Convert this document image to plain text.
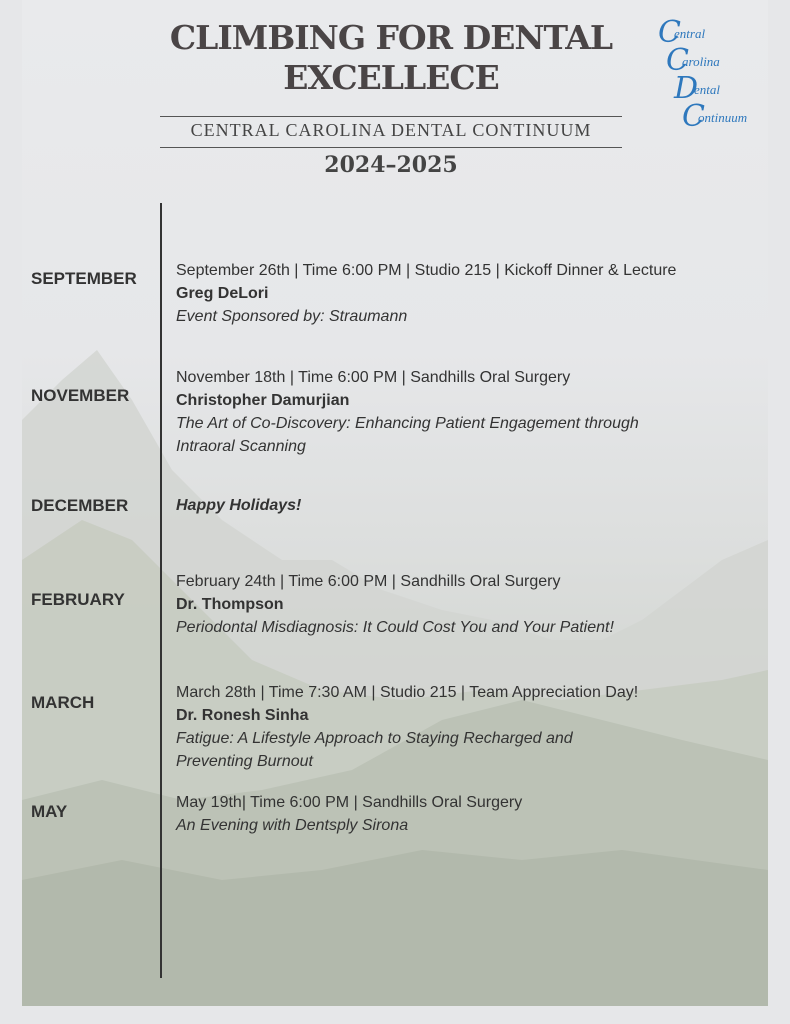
CLIMBING FOR DENTAL
EXCELLECE
CENTRAL CAROLINA DENTAL CONTINUUM
2024–2025
C
entral
C
arolina
D
ental
C
ontinuum
SEPTEMBER September 26th | Time 6:00 PM | Studio 215 | Kickoff Dinner & Lecture
Greg DeLori
Event Sponsored by: Straumann
NOVEMBER
November 18th | Time 6:00 PM | Sandhills Oral Surgery
Christopher Damurjian
The Art of Co-Discovery: Enhancing Patient Engagement through
Intraoral Scanning
DECEMBER	Happy Holidays!
FEBRUARY
February 24th | Time 6:00 PM | Sandhills Oral Surgery
Dr. Thompson
Periodontal Misdiagnosis: It Could Cost You and Your Patient!
MARCH
March 28th | Time 7:30 AM | Studio 215 | Team Appreciation Day!
Dr. Ronesh Sinha
Fatigue: A Lifestyle Approach to Staying Recharged and
Preventing Burnout
MAY	May 19th| Time 6:00 PM | Sandhills Oral Surgery
An Evening with Dentsply Sirona
